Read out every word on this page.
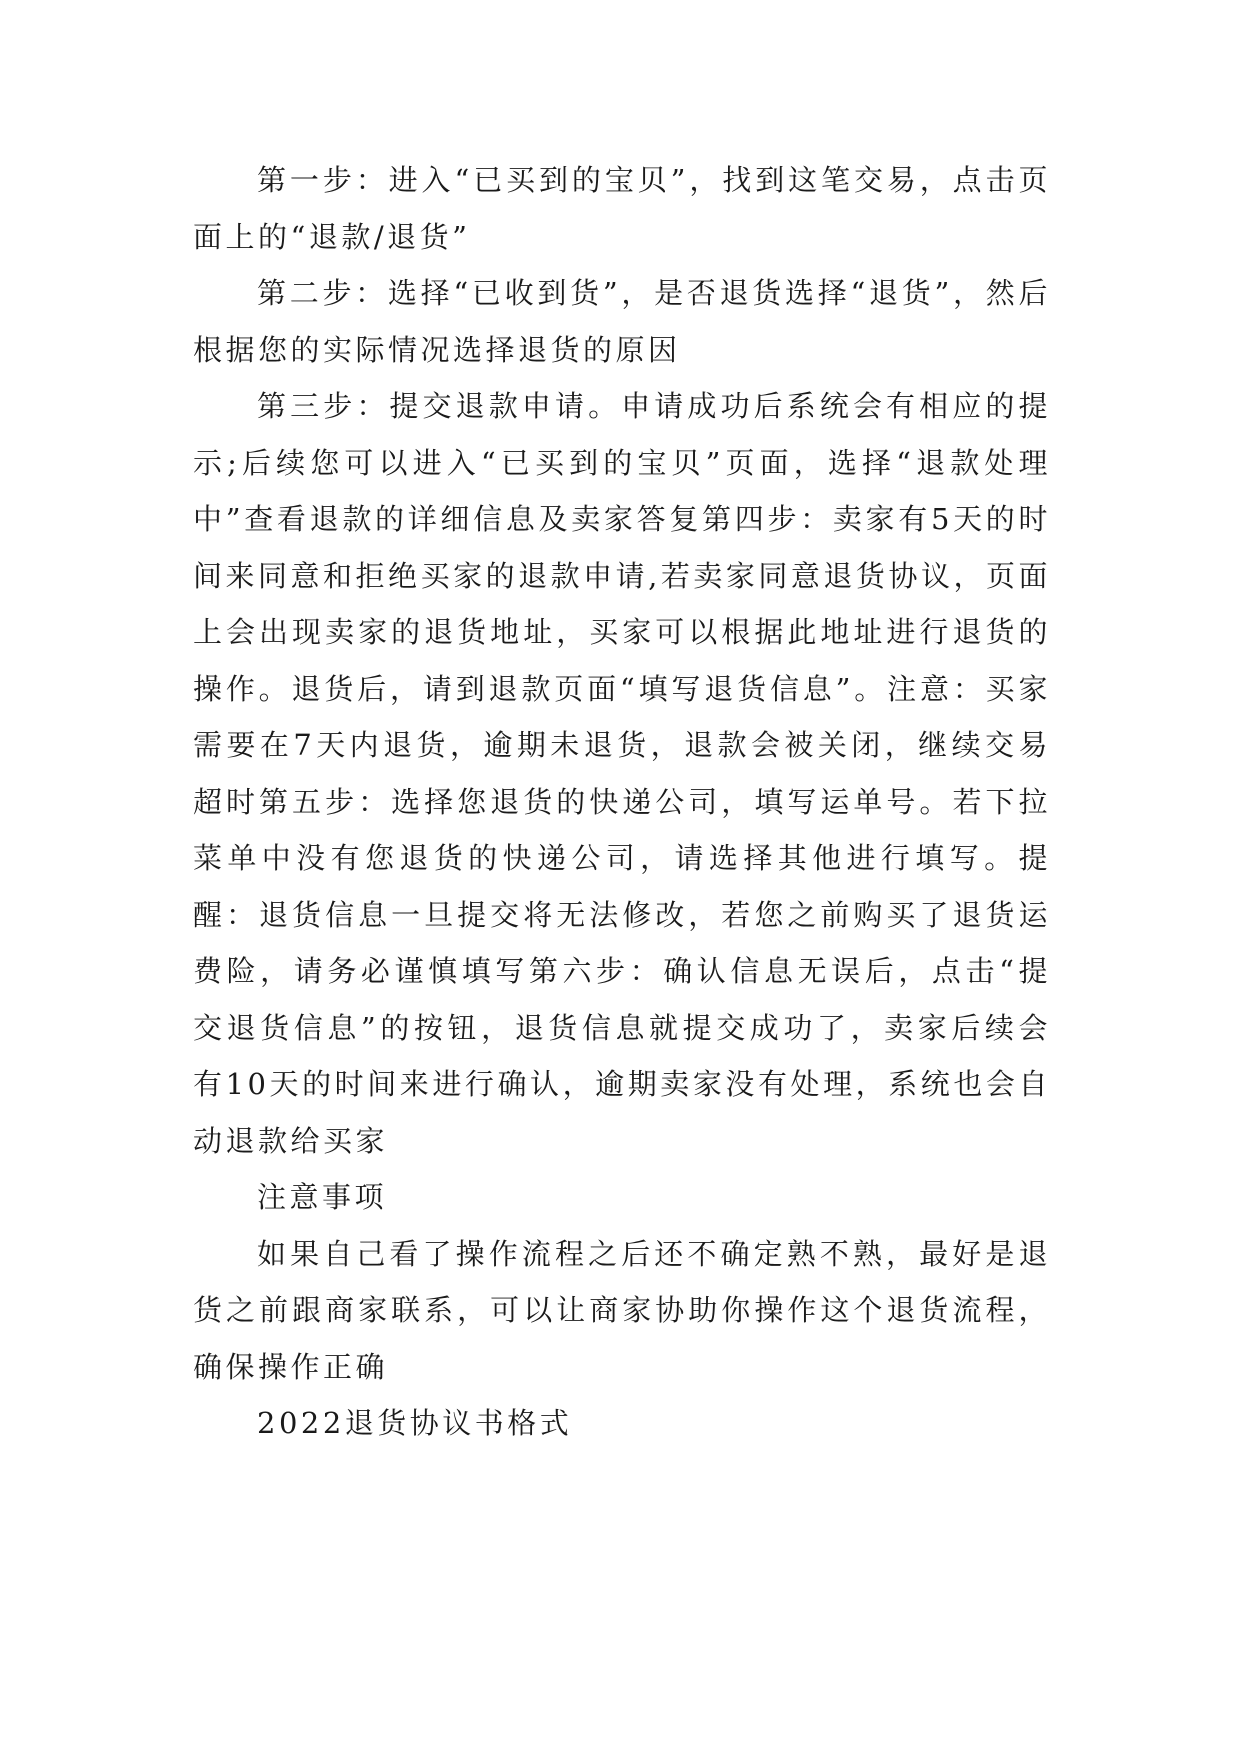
第一步：进入“已买到的宝贝”，找到这笔交易，点击页面上的“退款/退货”

第二步：选择“已收到货”，是否退货选择“退货”，然后根据您的实际情况选择退货的原因

第三步：提交退款申请。申请成功后系统会有相应的提示;后续您可以进入“已买到的宝贝”页面，选择“退款处理中”查看退款的详细信息及卖家答复第四步：卖家有5天的时间来同意和拒绝买家的退款申请,若卖家同意退货协议，页面上会出现卖家的退货地址，买家可以根据此地址进行退货的操作。退货后，请到退款页面“填写退货信息”。注意：买家需要在7天内退货，逾期未退货，退款会被关闭，继续交易超时第五步：选择您退货的快递公司，填写运单号。若下拉菜单中没有您退货的快递公司，请选择其他进行填写。提醒：退货信息一旦提交将无法修改，若您之前购买了退货运费险，请务必谨慎填写第六步：确认信息无误后，点击“提交退货信息”的按钮，退货信息就提交成功了，卖家后续会有10天的时间来进行确认，逾期卖家没有处理，系统也会自动退款给买家

注意事项

如果自己看了操作流程之后还不确定熟不熟，最好是退货之前跟商家联系，可以让商家协助你操作这个退货流程，确保操作正确

2022退货协议书格式
